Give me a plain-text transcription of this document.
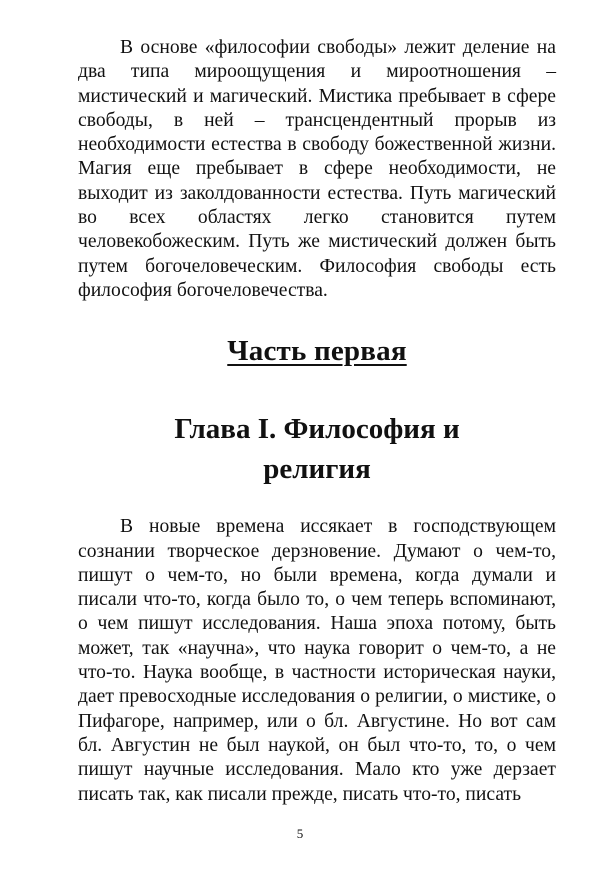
В основе «философии свободы» лежит деление на два типа мироощущения и мироотношения – мистический и магический. Мистика пребывает в сфере свободы, в ней – трансцендентный прорыв из необходимости естества в свободу божественной жизни. Магия еще пребывает в сфере необходимости, не выходит из заколдованности естества. Путь магический во всех областях легко становится путем человекобожеским. Путь же мистический должен быть путем богочеловеческим. Философия свободы есть философия богочеловечества.

Часть первая
Глава I. Философия и
религия

В новые времена иссякает в господствующем сознании творческое дерзновение. Думают о чем-то, пишут о чем-то, но были времена, когда думали и писали что-то, когда было то, о чем теперь вспоминают, о чем пишут исследования. Наша эпоха потому, быть может, так «научна», что наука говорит о чем-то, а не что-то. Наука вообще, в частности историческая науки, дает превосходные исследования о религии, о мистике, о Пифагоре, например, или о бл. Августине. Но вот сам бл. Августин не был наукой, он был что-то, то, о чем пишут научные исследования. Мало кто уже дерзает писать так, как писали прежде, писать что-то, писать

5
